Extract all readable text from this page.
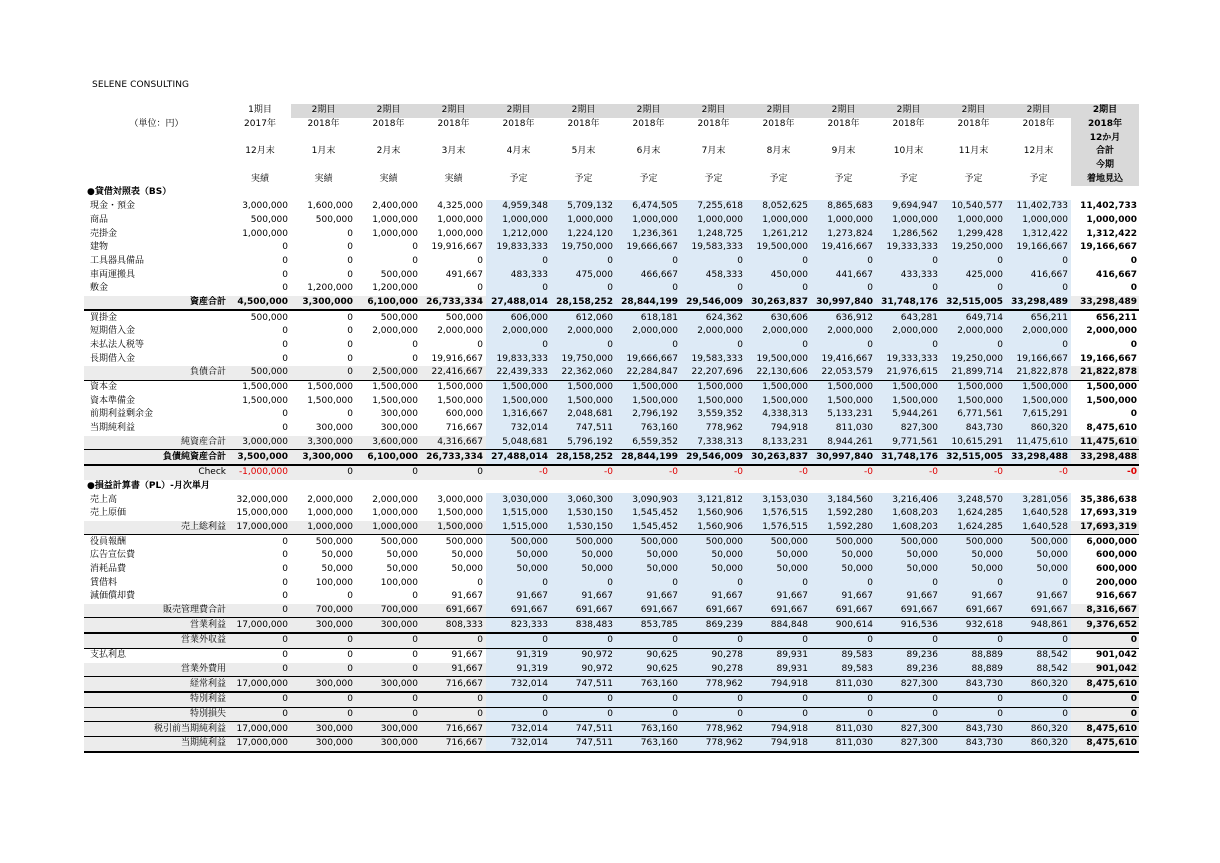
SELENE CONSULTING
	1期目	2期目	2期目	2期目	2期目	2期目	2期目	2期目	2期目	2期目	2期目	2期目	2期目	2期目
（単位：円）	2017年	2018年	2018年	2018年	2018年	2018年	2018年	2018年	2018年	2018年	2018年	2018年	2018年	2018年
														12か月
	12月末	1月末	2月末	3月末	4月末	5月末	6月末	7月末	8月末	9月末	10月末	11月末	12月末	合計
														今期
	実績	実績	実績	実績	予定	予定	予定	予定	予定	予定	予定	予定	予定	着地見込
●貸借対照表（BS）														
現金・預金	3,000,000	1,600,000	2,400,000	4,325,000	4,959,348	5,709,132	6,474,505	7,255,618	8,052,625	8,865,683	9,694,947	10,540,577	11,402,733	11,402,733
商品	500,000	500,000	1,000,000	1,000,000	1,000,000	1,000,000	1,000,000	1,000,000	1,000,000	1,000,000	1,000,000	1,000,000	1,000,000	1,000,000
売掛金	1,000,000	0	1,000,000	1,000,000	1,212,000	1,224,120	1,236,361	1,248,725	1,261,212	1,273,824	1,286,562	1,299,428	1,312,422	1,312,422
建物	0	0	0	19,916,667	19,833,333	19,750,000	19,666,667	19,583,333	19,500,000	19,416,667	19,333,333	19,250,000	19,166,667	19,166,667
工具器具備品	0	0	0	0	0	0	0	0	0	0	0	0	0	0
車両運搬具	0	0	500,000	491,667	483,333	475,000	466,667	458,333	450,000	441,667	433,333	425,000	416,667	416,667
敷金	0	1,200,000	1,200,000	0	0	0	0	0	0	0	0	0	0	0
資産合計	4,500,000	3,300,000	6,100,000	26,733,334	27,488,014	28,158,252	28,844,199	29,546,009	30,263,837	30,997,840	31,748,176	32,515,005	33,298,489	33,298,489
買掛金	500,000	0	500,000	500,000	606,000	612,060	618,181	624,362	630,606	636,912	643,281	649,714	656,211	656,211
短期借入金	0	0	2,000,000	2,000,000	2,000,000	2,000,000	2,000,000	2,000,000	2,000,000	2,000,000	2,000,000	2,000,000	2,000,000	2,000,000
未払法人税等	0	0	0	0	0	0	0	0	0	0	0	0	0	0
長期借入金	0	0	0	19,916,667	19,833,333	19,750,000	19,666,667	19,583,333	19,500,000	19,416,667	19,333,333	19,250,000	19,166,667	19,166,667
負債合計	500,000	0	2,500,000	22,416,667	22,439,333	22,362,060	22,284,847	22,207,696	22,130,606	22,053,579	21,976,615	21,899,714	21,822,878	21,822,878
資本金	1,500,000	1,500,000	1,500,000	1,500,000	1,500,000	1,500,000	1,500,000	1,500,000	1,500,000	1,500,000	1,500,000	1,500,000	1,500,000	1,500,000
資本準備金	1,500,000	1,500,000	1,500,000	1,500,000	1,500,000	1,500,000	1,500,000	1,500,000	1,500,000	1,500,000	1,500,000	1,500,000	1,500,000	1,500,000
前期利益剰余金	0	0	300,000	600,000	1,316,667	2,048,681	2,796,192	3,559,352	4,338,313	5,133,231	5,944,261	6,771,561	7,615,291	0
当期純利益	0	300,000	300,000	716,667	732,014	747,511	763,160	778,962	794,918	811,030	827,300	843,730	860,320	8,475,610
純資産合計	3,000,000	3,300,000	3,600,000	4,316,667	5,048,681	5,796,192	6,559,352	7,338,313	8,133,231	8,944,261	9,771,561	10,615,291	11,475,610	11,475,610
負債純資産合計	3,500,000	3,300,000	6,100,000	26,733,334	27,488,014	28,158,252	28,844,199	29,546,009	30,263,837	30,997,840	31,748,176	32,515,005	33,298,488	33,298,488
Check	-1,000,000	0	0	0	-0	-0	-0	-0	-0	-0	-0	-0	-0	-0
●損益計算書（PL）-月次単月														
売上高	32,000,000	2,000,000	2,000,000	3,000,000	3,030,000	3,060,300	3,090,903	3,121,812	3,153,030	3,184,560	3,216,406	3,248,570	3,281,056	35,386,638
売上原価	15,000,000	1,000,000	1,000,000	1,500,000	1,515,000	1,530,150	1,545,452	1,560,906	1,576,515	1,592,280	1,608,203	1,624,285	1,640,528	17,693,319
売上総利益	17,000,000	1,000,000	1,000,000	1,500,000	1,515,000	1,530,150	1,545,452	1,560,906	1,576,515	1,592,280	1,608,203	1,624,285	1,640,528	17,693,319
役員報酬	0	500,000	500,000	500,000	500,000	500,000	500,000	500,000	500,000	500,000	500,000	500,000	500,000	6,000,000
広告宣伝費	0	50,000	50,000	50,000	50,000	50,000	50,000	50,000	50,000	50,000	50,000	50,000	50,000	600,000
消耗品費	0	50,000	50,000	50,000	50,000	50,000	50,000	50,000	50,000	50,000	50,000	50,000	50,000	600,000
賃借料	0	100,000	100,000	0	0	0	0	0	0	0	0	0	0	200,000
減価償却費	0	0	0	91,667	91,667	91,667	91,667	91,667	91,667	91,667	91,667	91,667	91,667	916,667
販売管理費合計	0	700,000	700,000	691,667	691,667	691,667	691,667	691,667	691,667	691,667	691,667	691,667	691,667	8,316,667
営業利益	17,000,000	300,000	300,000	808,333	823,333	838,483	853,785	869,239	884,848	900,614	916,536	932,618	948,861	9,376,652
営業外収益	0	0	0	0	0	0	0	0	0	0	0	0	0	0
支払利息	0	0	0	91,667	91,319	90,972	90,625	90,278	89,931	89,583	89,236	88,889	88,542	901,042
営業外費用	0	0	0	91,667	91,319	90,972	90,625	90,278	89,931	89,583	89,236	88,889	88,542	901,042
経常利益	17,000,000	300,000	300,000	716,667	732,014	747,511	763,160	778,962	794,918	811,030	827,300	843,730	860,320	8,475,610
特別利益	0	0	0	0	0	0	0	0	0	0	0	0	0	0
特別損失	0	0	0	0	0	0	0	0	0	0	0	0	0	0
税引前当期純利益	17,000,000	300,000	300,000	716,667	732,014	747,511	763,160	778,962	794,918	811,030	827,300	843,730	860,320	8,475,610
当期純利益	17,000,000	300,000	300,000	716,667	732,014	747,511	763,160	778,962	794,918	811,030	827,300	843,730	860,320	8,475,610
